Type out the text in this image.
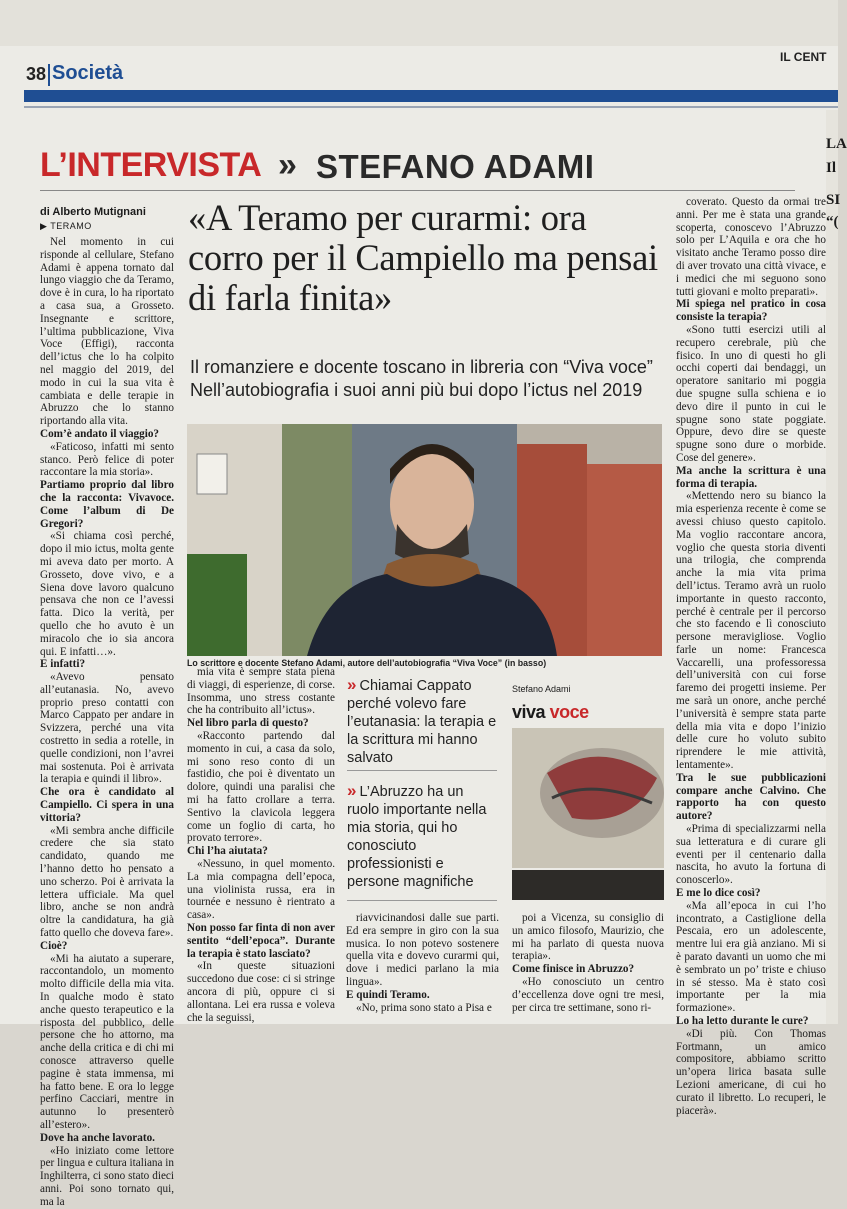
38 Società
IL CENT
L’INTERVISTA » STEFANO ADAMI
di Alberto Mutignani
▶ TERAMO

Nel momento in cui risponde al cellulare, Stefano Adami è appena tornato dal lungo viaggio che da Teramo, dove è in cura, lo ha riportato a casa sua, a Grosseto. Insegnante e scrittore, l’ultima pubblicazione, Viva Voce (Effigi), racconta dell’ictus che lo ha colpito nel maggio del 2019, del modo in cui la sua vita è cambiata e delle terapie in Abruzzo che lo stanno riportando alla vita.

Com’è andato il viaggio?

«Faticoso, infatti mi sento stanco. Però felice di poter raccontare la mia storia».

Partiamo proprio dal libro che la racconta: Vivavoce. Come l’album di De Gregori?

«Si chiama così perché, dopo il mio ictus, molta gente mi aveva dato per morto. A Grosseto, dove vivo, e a Siena dove lavoro qualcuno pensava che non ce l’avessi fatta. Dico la verità, per quello che ho avuto è un miracolo che io sia ancora qui. E infatti…».

E infatti?

«Avevo pensato all’eutanasia. No, avevo proprio preso contatti con Marco Cappato per andare in Svizzera, perché una vita costretto in sedia a rotelle, in quelle condizioni, non l’avrei mai sostenuta. Poi è arrivata la terapia e quindi il libro».

Che ora è candidato al Campiello. Ci spera in una vittoria?

«Mi sembra anche difficile credere che sia stato candidato, quando me l’hanno detto ho pensato a uno scherzo. Poi è arrivata la lettera ufficiale. Ma quel libro, anche se non andrà oltre la candidatura, ha già fatto quello che doveva fare».

Cioè?

«Mi ha aiutato a superare, raccontandolo, un momento molto difficile della mia vita. In qualche modo è stato anche questo terapeutico e la risposta del pubblico, delle persone che ho attorno, ma anche della critica e di chi mi conosce attraverso quelle pagine è stata immensa, mi ha fatto bene. E ora lo legge perfino Cacciari, mentre in autunno lo presenterò all’estero».

Dove ha anche lavorato.

«Ho iniziato come lettore per lingua e cultura italiana in Inghilterra, ci sono stato dieci anni. Poi sono tornato qui, ma la

«A Teramo per curarmi: ora corro per il Campiello ma pensai di farla finita»
Il romanziere e docente toscano in libreria con “Viva voce”
Nell’autobiografia i suoi anni più bui dopo l’ictus nel 2019
Lo scrittore e docente Stefano Adami, autore dell’autobiografia “Viva Voce” (in basso)

mia vita è sempre stata piena di viaggi, di esperienze, di corse. Insomma, uno stress costante che ha contribuito all’ictus».

Nel libro parla di questo?

«Racconto partendo dal momento in cui, a casa da solo, mi sono reso conto di un fastidio, che poi è diventato un dolore, quindi una paralisi che mi ha fatto crollare a terra. Sentivo la clavicola leggera come un foglio di carta, ho provato terrore».

Chi l’ha aiutata?

«Nessuno, in quel momento. La mia compagna dell’epoca, una violinista russa, era in tournée e nessuno è rientrato a casa».

Non posso far finta di non aver sentito “dell’epoca”. Durante la terapia è stato lasciato?

«In queste situazioni succedono due cose: ci si stringe ancora di più, oppure ci si allontana. Lei era russa e voleva che la seguissi,

» Chiamai Cappato perché volevo fare l’eutanasia: la terapia e la scrittura mi hanno salvato
» L’Abruzzo ha un ruolo importante nella mia storia, qui ho conosciuto professionisti e persone magnifiche
Stefano Adami
viva voce

riavvicinandosi dalle sue parti. Ed era sempre in giro con la sua musica. Io non potevo sostenere quella vita e dovevo curarmi qui, dove i medici parlano la mia lingua».

E quindi Teramo.

«No, prima sono stato a Pisa e

poi a Vicenza, su consiglio di un amico filosofo, Maurizio, che mi ha parlato di questa nuova terapia».

Come finisce in Abruzzo?

«Ho conosciuto un centro d’eccellenza dove ogni tre mesi, per circa tre settimane, sono ri-

coverato. Questo da ormai tre anni. Per me è stata una grande scoperta, conoscevo l’Abruzzo solo per L’Aquila e ora che ho visitato anche Teramo posso dire di aver trovato una città vivace, e i medici che mi seguono sono tutti giovani e molto preparati».

Mi spiega nel pratico in cosa consiste la terapia?

«Sono tutti esercizi utili al recupero cerebrale, più che fisico. In uno di questi ho gli occhi coperti dai bendaggi, un operatore sanitario mi poggia due spugne sulla schiena e io devo dire il punto in cui le spugne sono state poggiate. Oppure, devo dire se queste spugne sono dure o morbide. Cose del genere».

Ma anche la scrittura è una forma di terapia.

«Mettendo nero su bianco la mia esperienza recente è come se avessi chiuso questo capitolo. Ma voglio raccontare ancora, voglio che questa storia diventi una trilogia, che comprenda anche la mia vita prima dell’ictus. Teramo avrà un ruolo importante in questo racconto, perché è centrale per il percorso che sto facendo e lì conosciuto persone meravigliose. Voglio farle un nome: Francesca Vaccarelli, una professoressa dell’università con cui forse faremo dei progetti insieme. Per me sarà un onore, anche perché l’università è sempre stata parte della mia vita e dopo l’inizio delle cure ho voluto subito riprendere le mie attività, lentamente».

Tra le sue pubblicazioni compare anche Calvino. Che rapporto ha con questo autore?

«Prima di specializzarmi nella sua letteratura e di curare gli eventi per il centenario dalla nascita, ho avuto la fortuna di conoscerlo».

E me lo dice così?

«Ma all’epoca in cui l’ho incontrato, a Castiglione della Pescaia, ero un adolescente, mentre lui era già anziano. Mi si è parato davanti un uomo che mi è sembrato un po’ triste e chiuso in sé stesso. Ma è stato così importante per la mia formazione».

Lo ha letto durante le cure?

«Di più. Con Thomas Fortmann, un amico compositore, abbiamo scritto un’opera lirica basata sulle Lezioni americane, di cui ho curato il libretto. Lo recuperi, le piacerà».

LA
Il
SI
“(
